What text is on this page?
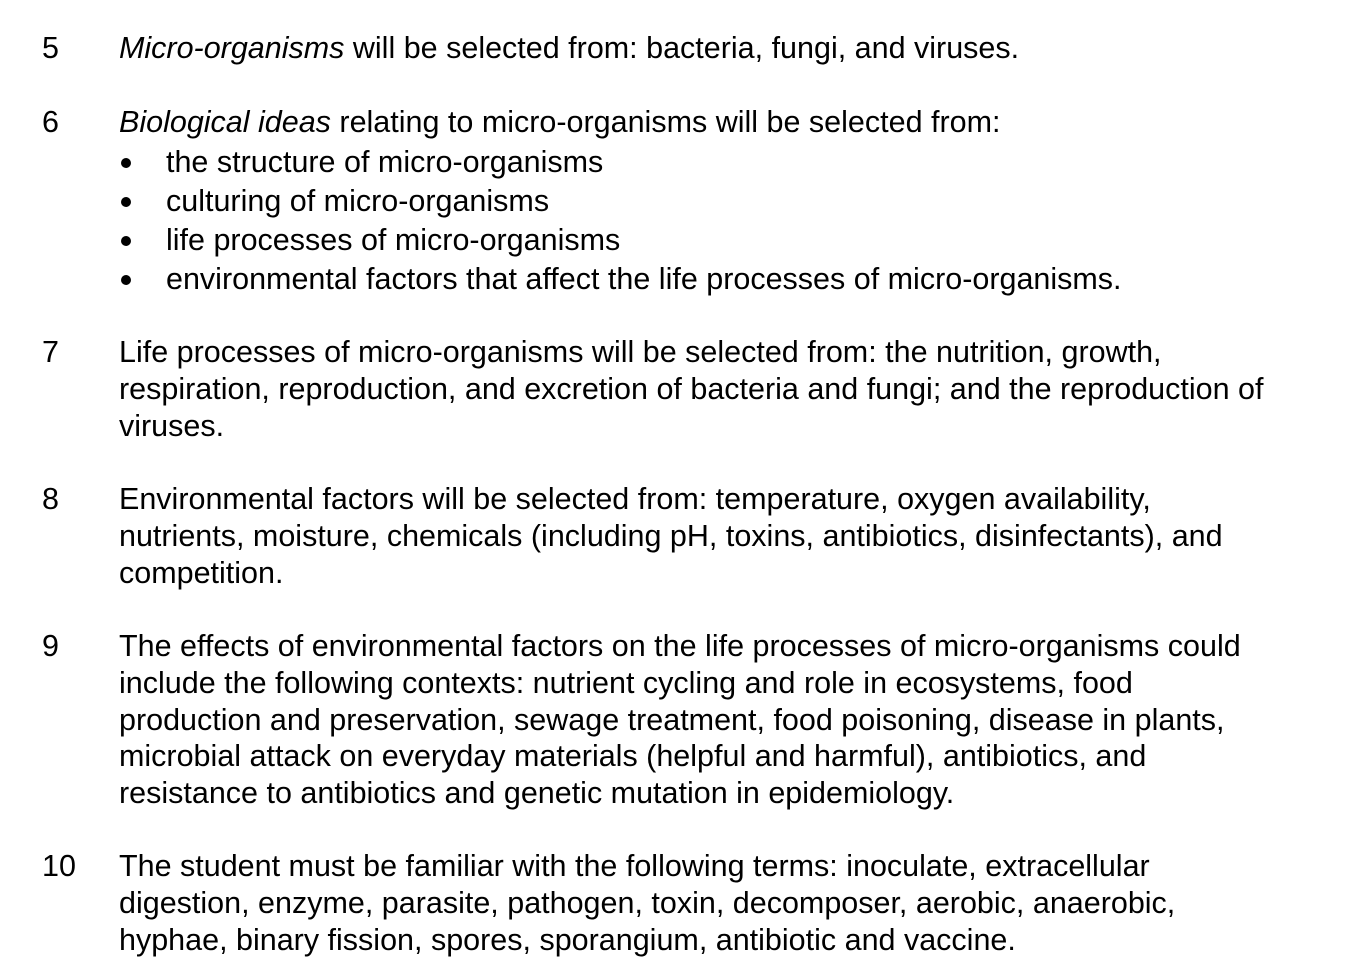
5 Micro-organisms will be selected from: bacteria, fungi, and viruses.

6 Biological ideas relating to micro-organisms will be selected from:

the structure of micro-organisms
culturing of micro-organisms
life processes of micro-organisms
environmental factors that affect the life processes of micro-organisms.
7 Life processes of micro-organisms will be selected from: the nutrition, growth,

respiration, reproduction, and excretion of bacteria and fungi; and the reproduction of

viruses.

8 Environmental factors will be selected from: temperature, oxygen availability,

nutrients, moisture, chemicals (including pH, toxins, antibiotics, disinfectants), and

competition.

9 The effects of environmental factors on the life processes of micro-organisms could

include the following contexts: nutrient cycling and role in ecosystems, food

production and preservation, sewage treatment, food poisoning, disease in plants,

microbial attack on everyday materials (helpful and harmful), antibiotics, and

resistance to antibiotics and genetic mutation in epidemiology.

10 The student must be familiar with the following terms: inoculate, extracellular

digestion, enzyme, parasite, pathogen, toxin, decomposer, aerobic, anaerobic,

hyphae, binary fission, spores, sporangium, antibiotic and vaccine.
